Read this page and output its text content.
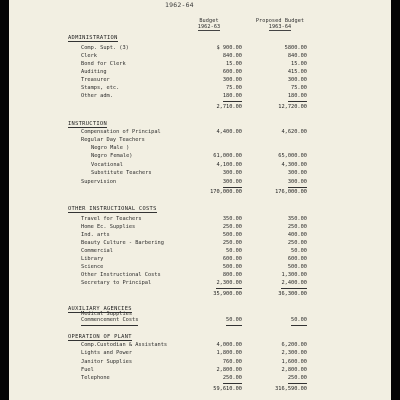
1962-64
Budget
1962-63
Proposed Budget
1963-64
ADMINISTRATION
Comp. Supt. (3)	$ 900.00	5800.00
Clerk	840.00	840.00
Bond for Clerk	15.00	15.00
Auditing	600.00	415.00
Treasurer	300.00	300.00
Stamps, etc.	75.00	75.00
Other adm.	180.00	180.00
2,710.00	12,720.00
INSTRUCTION
Compensation of Principal	4,400.00	4,620.00
Regular Day Teachers
Negro Male )
Negro Female)	61,000.00	65,000.00
Vocational	4,100.00	4,300.00
Substitute Teachers	300.00	300.00
Supervision	300.00	300.00
170,000.00	176,000.00
OTHER INSTRUCTIONAL COSTS
Travel for Teachers	350.00	350.00
Home Ec. Supplies	250.00	250.00
Ind. arts	500.00	400.00
Beauty Culture - Barbering	250.00	250.00
Commercial	50.00	50.00
Library	600.00	600.00
Science	500.00	500.00
Other Instructional Costs	800.00	1,300.00
Secretary to Principal	2,300.00	2,400.00
35,900.00	36,300.00
AUXILIARY AGENCIES
Medical Supplies
Commencement Costs	50.00	50.00
OPERATION OF PLANT
Comp.Custodian & Assistants	4,000.00	6,200.00
Lights and Power	1,800.00	2,300.00
Janitor Supplies	760.00	1,600.00
Fuel	2,800.00	2,800.00
Telephone	250.00	250.00
59,610.00	316,590.00
